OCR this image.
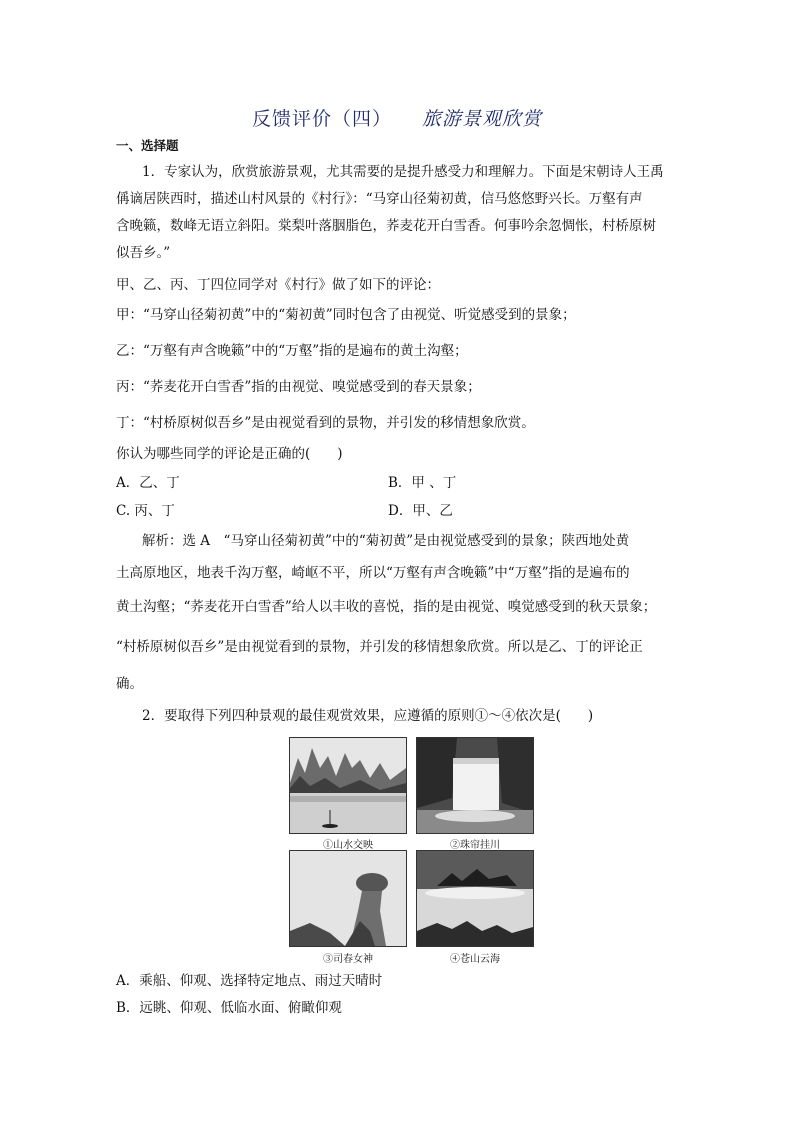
反馈评价（四） 旅游景观欣赏
一、选择题
1．专家认为，欣赏旅游景观，尤其需要的是提升感受力和理解力。下面是宋朝诗人王禹
偁谪居陕西时，描述山村风景的《村行》：“马穿山径菊初黄，信马悠悠野兴长。万壑有声
含晚籁，数峰无语立斜阳。棠梨叶落胭脂色，荞麦花开白雪香。何事吟余忽惆怅，村桥原树
似吾乡。”
甲、乙、丙、丁四位同学对《村行》做了如下的评论：
甲：“马穿山径菊初黄”中的“菊初黄”同时包含了由视觉、听觉感受到的景象；
乙：“万壑有声含晚籁”中的“万壑”指的是遍布的黄土沟壑；
丙：“荞麦花开白雪香”指的由视觉、嗅觉感受到的春天景象；
丁：“村桥原树似吾乡”是由视觉看到的景物，并引发的移情想象欣赏。
你认为哪些同学的评论是正确的(　　)
A．乙、丁	B．甲 、丁
C. 丙、丁	D．甲、乙
解析：选 A　“马穿山径菊初黄”中的“菊初黄”是由视觉感受到的景象；陕西地处黄
土高原地区，地表千沟万壑，崎岖不平，所以“万壑有声含晚籁”中“万壑”指的是遍布的
黄土沟壑；“荞麦花开白雪香”给人以丰收的喜悦，指的是由视觉、嗅觉感受到的秋天景象；
“村桥原树似吾乡”是由视觉看到的景物，并引发的移情想象欣赏。所以是乙、丁的评论正
确。
2．要取得下列四种景观的最佳观赏效果，应遵循的原则①～④依次是(　　)
①山水交映	②珠帘挂川
③司春女神	④苍山云海
A．乘船、仰观、选择特定地点、雨过天晴时
B．远眺、仰观、低临水面、俯瞰仰观
